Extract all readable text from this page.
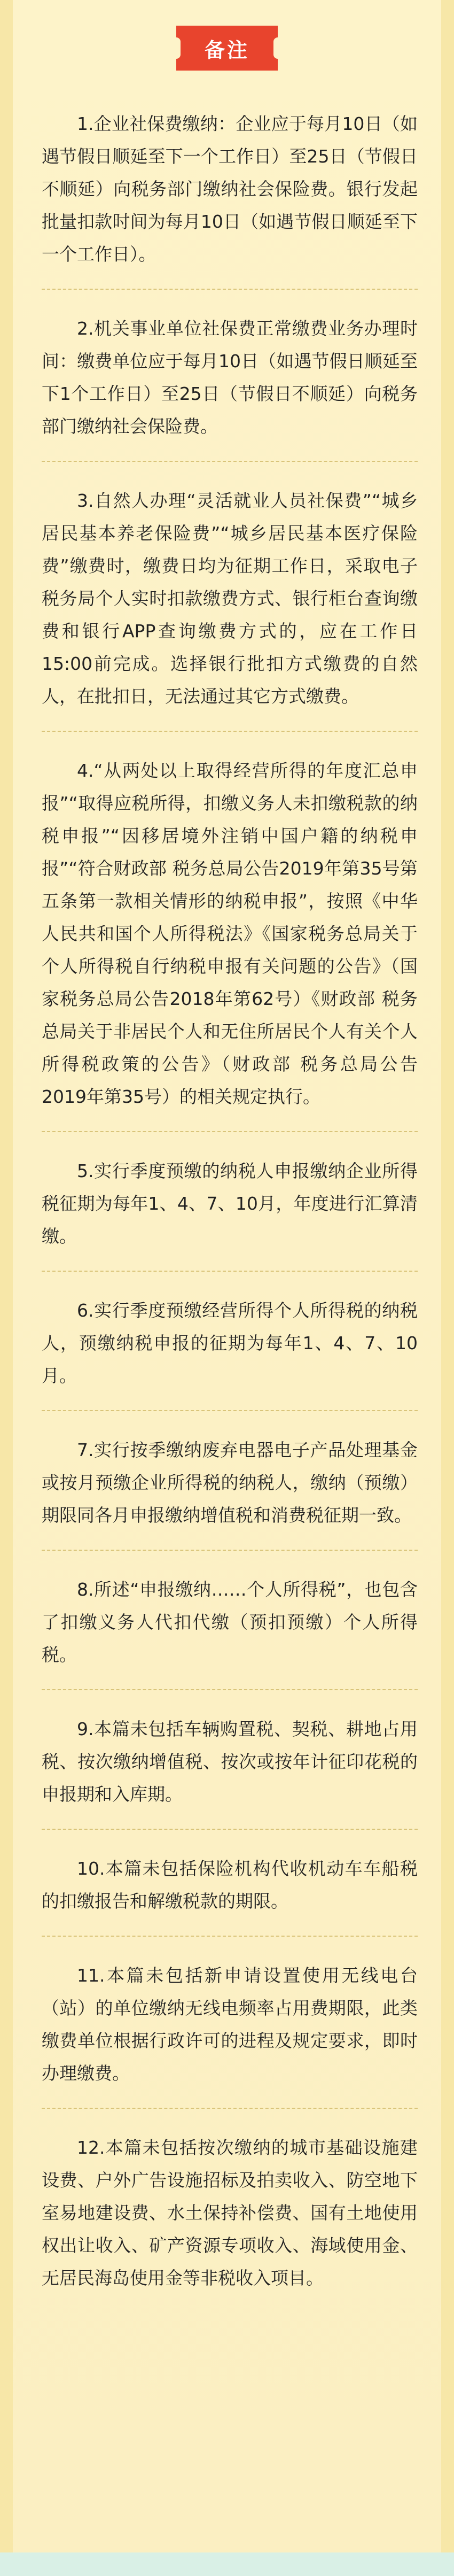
备注

1.企业社保费缴纳：企业应于每月10日（如遇节假日顺延至下一个工作日）至25日（节假日不顺延）向税务部门缴纳社会保险费。银行发起批量扣款时间为每月10日（如遇节假日顺延至下一个工作日）。

2.机关事业单位社保费正常缴费业务办理时间：缴费单位应于每月10日（如遇节假日顺延至下1个工作日）至25日（节假日不顺延）向税务部门缴纳社会保险费。

3.自然人办理“灵活就业人员社保费”“城乡居民基本养老保险费”“城乡居民基本医疗保险费”缴费时，缴费日均为征期工作日，采取电子税务局个人实时扣款缴费方式、银行柜台查询缴费和银行APP查询缴费方式的，应在工作日15:00前完成。选择银行批扣方式缴费的自然人，在批扣日，无法通过其它方式缴费。

4.“从两处以上取得经营所得的年度汇总申报”“取得应税所得，扣缴义务人未扣缴税款的纳税申报”“因移居境外注销中国户籍的纳税申报”“符合财政部 税务总局公告2019年第35号第五条第一款相关情形的纳税申报”，按照《中华人民共和国个人所得税法》《国家税务总局关于个人所得税自行纳税申报有关问题的公告》（国家税务总局公告2018年第62号）《财政部 税务总局关于非居民个人和无住所居民个人有关个人所得税政策的公告》（财政部 税务总局公告2019年第35号）的相关规定执行。

5.实行季度预缴的纳税人申报缴纳企业所得税征期为每年1、4、7、10月，年度进行汇算清缴。

6.实行季度预缴经营所得个人所得税的纳税人，预缴纳税申报的征期为每年1、4、7、10月。

7.实行按季缴纳废弃电器电子产品处理基金或按月预缴企业所得税的纳税人，缴纳（预缴）期限同各月申报缴纳增值税和消费税征期一致。

8.所述“申报缴纳……个人所得税”，也包含了扣缴义务人代扣代缴（预扣预缴）个人所得税。

9.本篇未包括车辆购置税、契税、耕地占用税、按次缴纳增值税、按次或按年计征印花税的申报期和入库期。

10.本篇未包括保险机构代收机动车车船税的扣缴报告和解缴税款的期限。

11.本篇未包括新申请设置使用无线电台（站）的单位缴纳无线电频率占用费期限，此类缴费单位根据行政许可的进程及规定要求，即时办理缴费。

12.本篇未包括按次缴纳的城市基础设施建设费、户外广告设施招标及拍卖收入、防空地下室易地建设费、水土保持补偿费、国有土地使用权出让收入、矿产资源专项收入、海域使用金、无居民海岛使用金等非税收入项目。
